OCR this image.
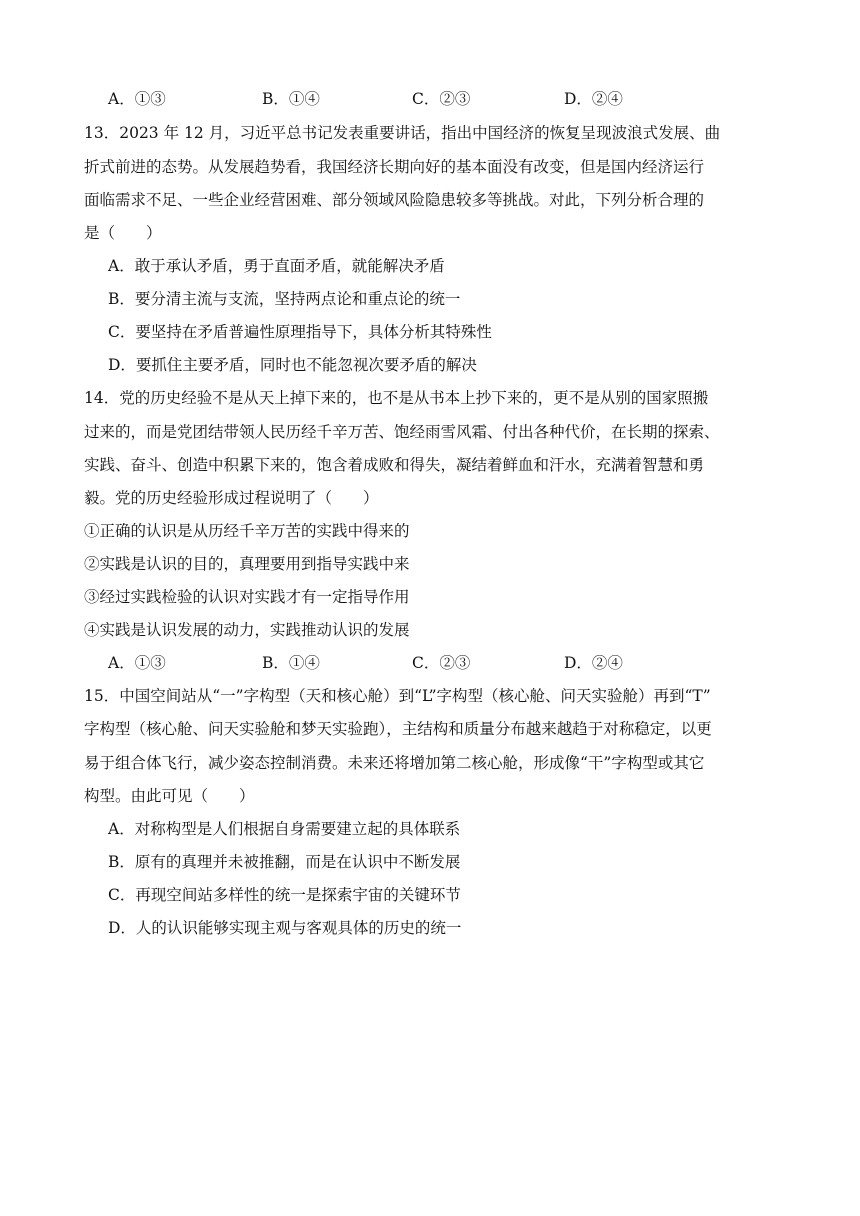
A．①③	B．①④	C．②③	D．②④
13．2023 年 12 月，习近平总书记发表重要讲话，指出中国经济的恢复呈现波浪式发展、曲
折式前进的态势。从发展趋势看，我国经济长期向好的基本面没有改变，但是国内经济运行
面临需求不足、一些企业经营困难、部分领域风险隐患较多等挑战。对此，下列分析合理的
是（　　）
A．敢于承认矛盾，勇于直面矛盾，就能解决矛盾
B．要分清主流与支流，坚持两点论和重点论的统一
C．要坚持在矛盾普遍性原理指导下，具体分析其特殊性
D．要抓住主要矛盾，同时也不能忽视次要矛盾的解决
14．党的历史经验不是从天上掉下来的，也不是从书本上抄下来的，更不是从别的国家照搬
过来的，而是党团结带领人民历经千辛万苦、饱经雨雪风霜、付出各种代价，在长期的探索、
实践、奋斗、创造中积累下来的，饱含着成败和得失，凝结着鲜血和汗水，充满着智慧和勇
毅。党的历史经验形成过程说明了（　　）
①正确的认识是从历经千辛万苦的实践中得来的
②实践是认识的目的，真理要用到指导实践中来
③经过实践检验的认识对实践才有一定指导作用
④实践是认识发展的动力，实践推动认识的发展
A．①③	B．①④	C．②③	D．②④
15．中国空间站从“一”字构型（天和核心舱）到“L”字构型（核心舱、问天实验舱）再到“T”
字构型（核心舱、问天实验舱和梦天实验跑），主结构和质量分布越来越趋于对称稳定，以更
易于组合体飞行，减少姿态控制消费。未来还将增加第二核心舱，形成像“干”字构型或其它
构型。由此可见（　　）
A．对称构型是人们根据自身需要建立起的具体联系
B．原有的真理并未被推翻，而是在认识中不断发展
C．再现空间站多样性的统一是探索宇宙的关键环节
D．人的认识能够实现主观与客观具体的历史的统一
